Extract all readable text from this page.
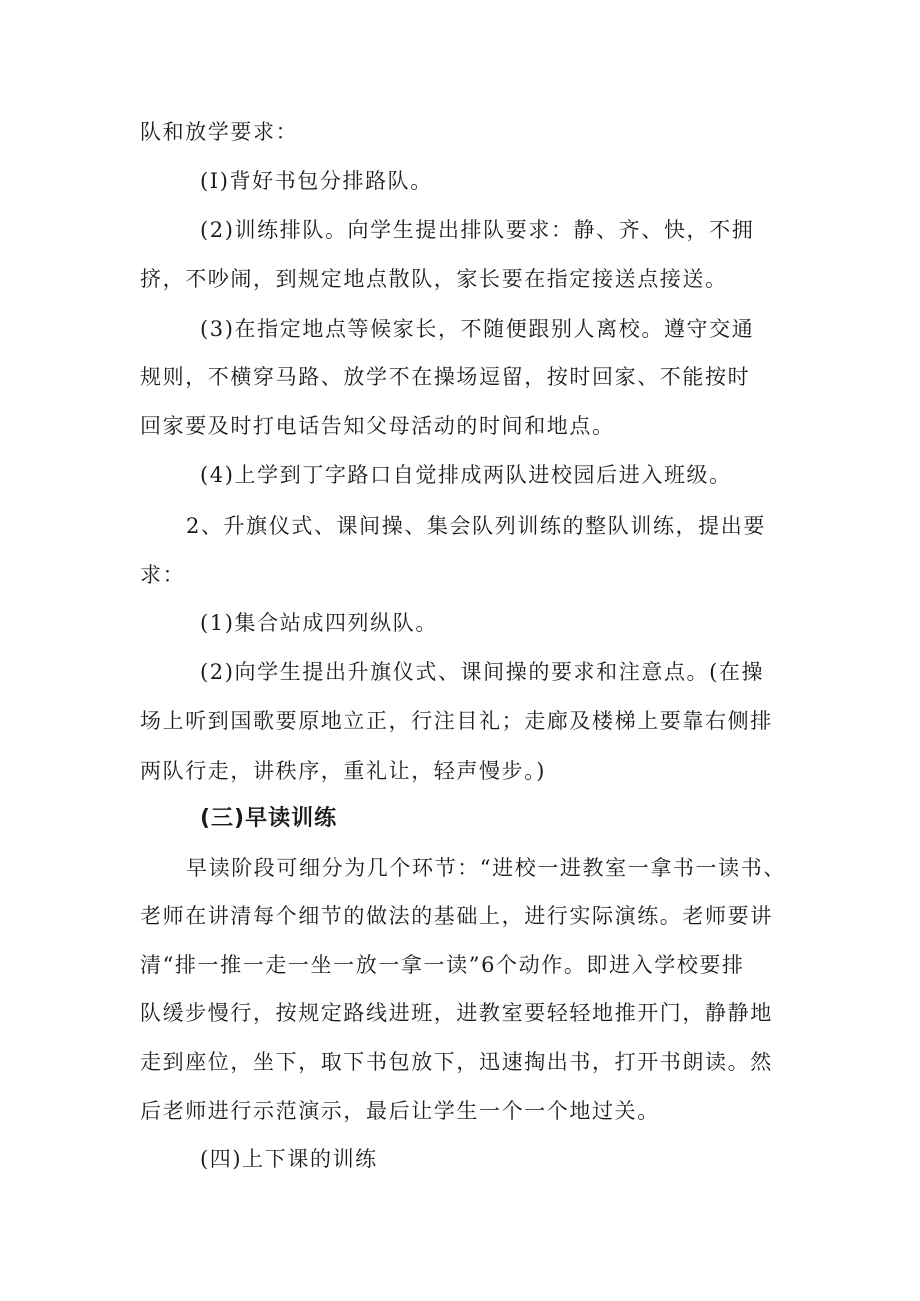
队和放学要求：
(I)背好书包分排路队。
(2)训练排队。向学生提出排队要求：静、齐、快，不拥
挤，不吵闹，到规定地点散队，家长要在指定接送点接送。
(3)在指定地点等候家长，不随便跟别人离校。遵守交通
规则，不横穿马路、放学不在操场逗留，按时回家、不能按时
回家要及时打电话告知父母活动的时间和地点。
(4)上学到丁字路口自觉排成两队进校园后进入班级。
2、升旗仪式、课间操、集会队列训练的整队训练，提出要
求：
(1)集合站成四列纵队。
(2)向学生提出升旗仪式、课间操的要求和注意点。(在操
场上听到国歌要原地立正，行注目礼；走廊及楼梯上要靠右侧排
两队行走，讲秩序，重礼让，轻声慢步。)
(三)早读训练
早读阶段可细分为几个环节：“进校一进教室一拿书一读书、
老师在讲清每个细节的做法的基础上，进行实际演练。老师要讲
清“排一推一走一坐一放一拿一读”6个动作。即进入学校要排
队缓步慢行，按规定路线进班，进教室要轻轻地推开门，静静地
走到座位，坐下，取下书包放下，迅速掏出书，打开书朗读。然
后老师进行示范演示，最后让学生一个一个地过关。
(四)上下课的训练
